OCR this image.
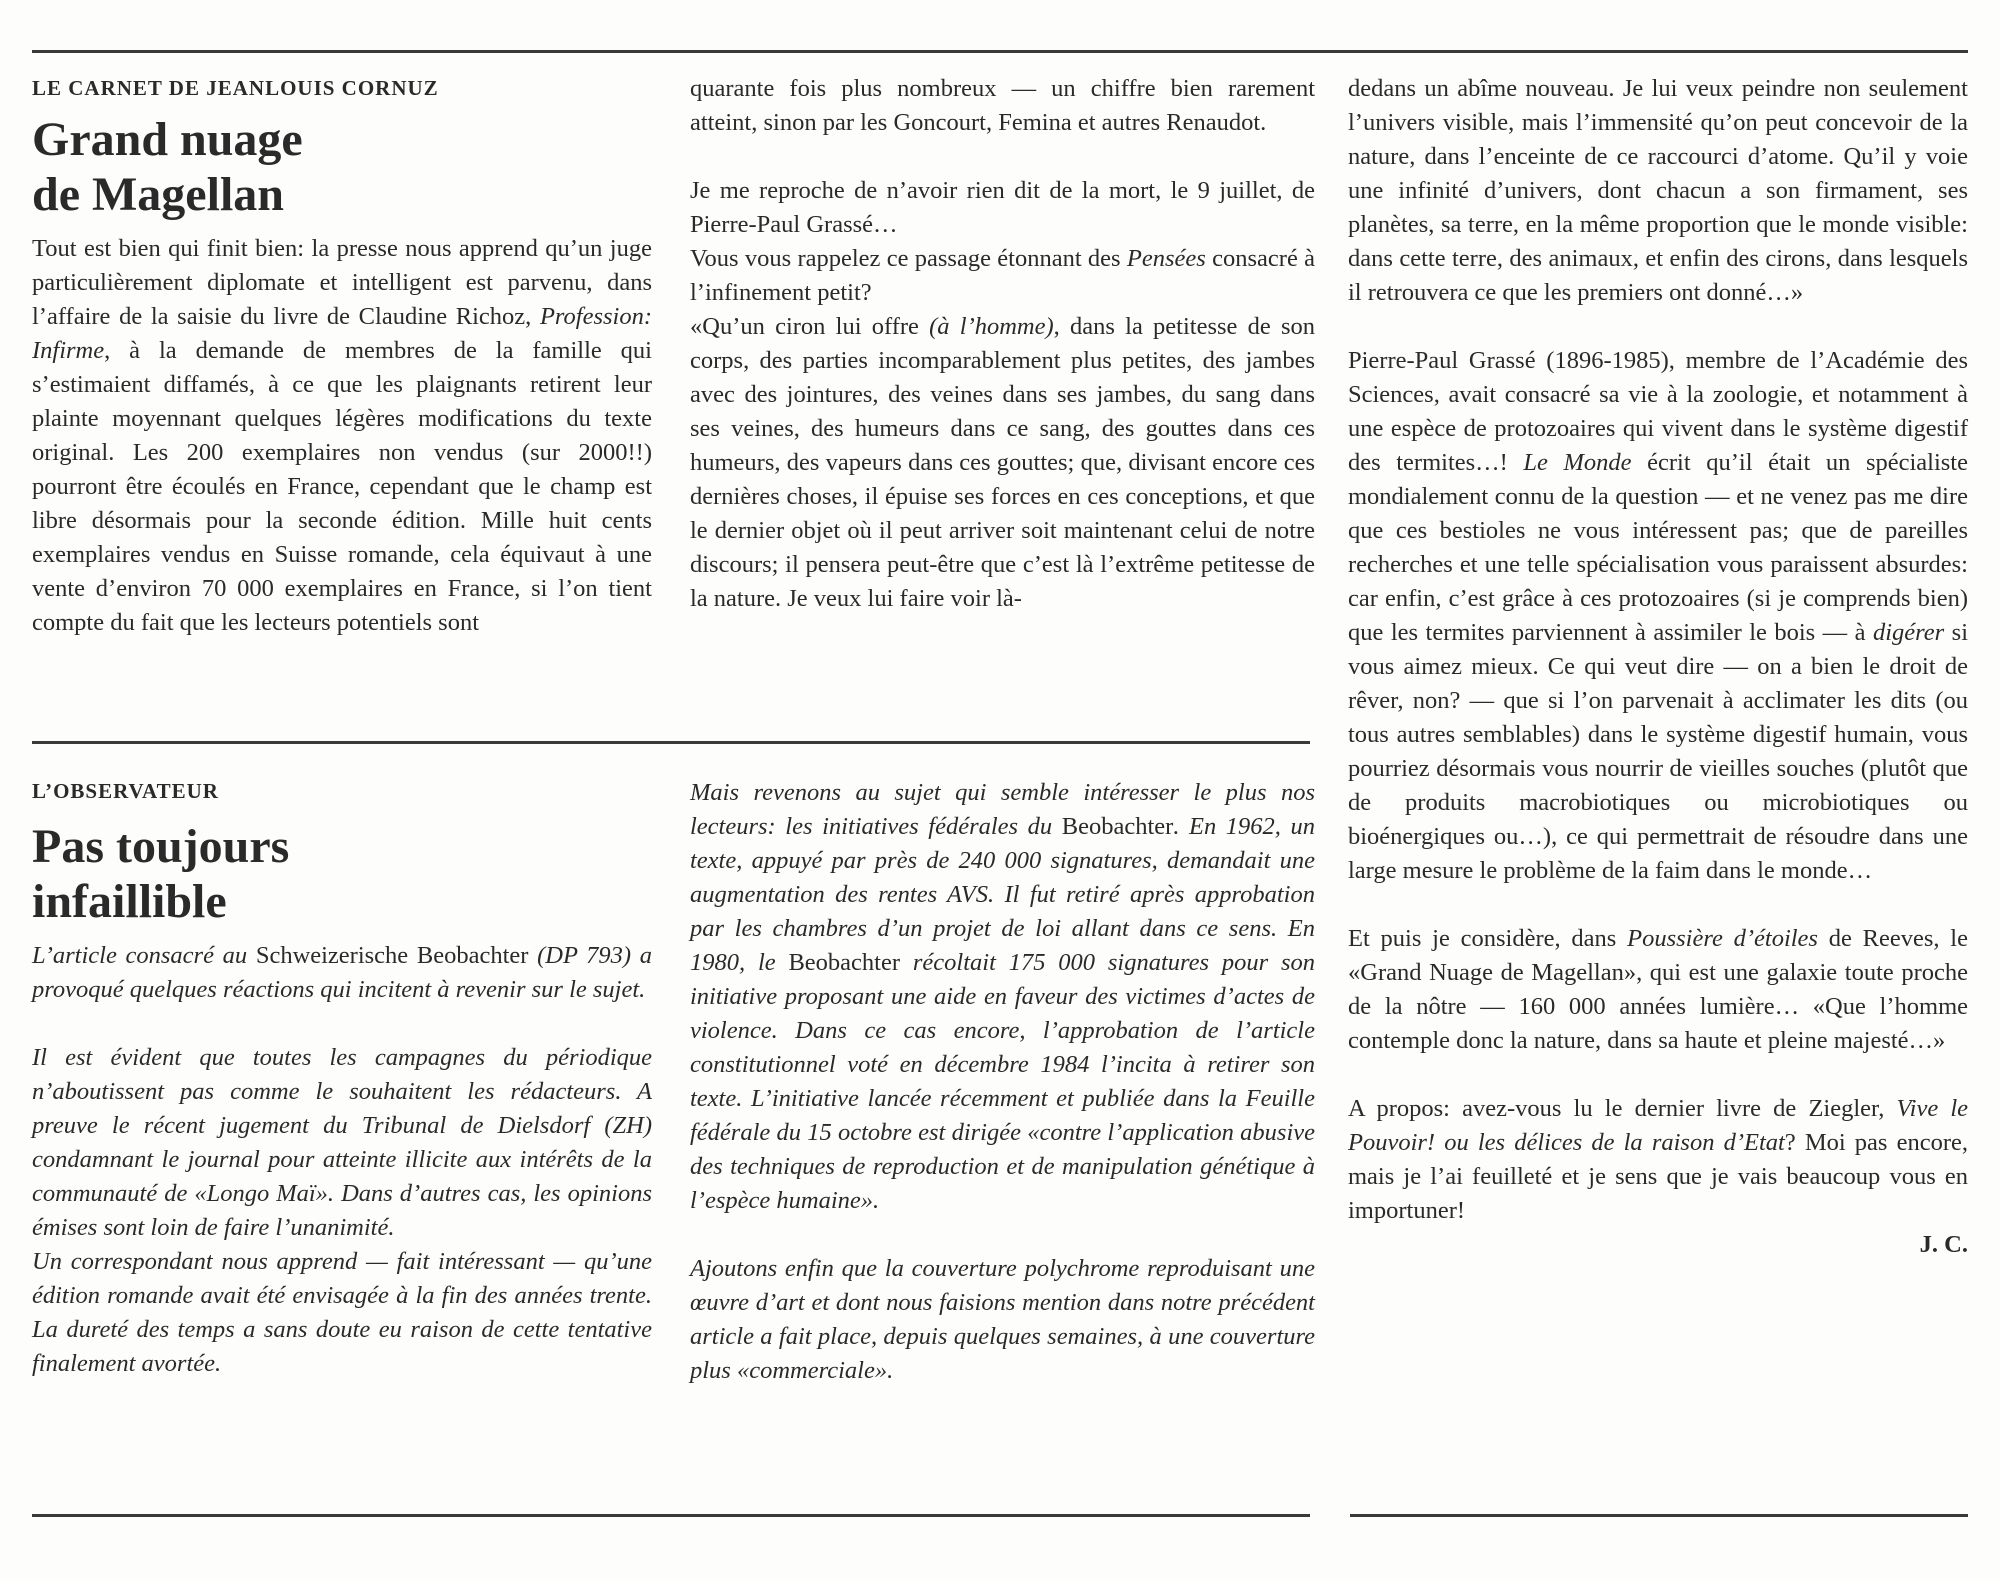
LE CARNET DE JEANLOUIS CORNUZ

Grand nuage
de Magellan

Tout est bien qui finit bien: la presse nous apprend qu’un juge particulièrement diplomate et intelligent est parvenu, dans l’affaire de la saisie du livre de Claudine Richoz, Profession: Infirme, à la demande de membres de la famille qui s’estimaient diffamés, à ce que les plaignants retirent leur plainte moyennant quelques légères modifications du texte original. Les 200 exemplaires non vendus (sur 2000!!) pourront être écoulés en France, cependant que le champ est libre désormais pour la seconde édition. Mille huit cents exemplaires vendus en Suisse romande, cela équivaut à une vente d’environ 70 000 exemplaires en France, si l’on tient compte du fait que les lecteurs potentiels sont

quarante fois plus nombreux — un chiffre bien rarement atteint, sinon par les Goncourt, Femina et autres Renaudot.

Je me reproche de n’avoir rien dit de la mort, le 9 juillet, de Pierre-Paul Grassé…

Vous vous rappelez ce passage étonnant des Pensées consacré à l’infinement petit?

«Qu’un ciron lui offre (à l’homme), dans la petitesse de son corps, des parties incomparablement plus petites, des jambes avec des jointures, des veines dans ses jambes, du sang dans ses veines, des humeurs dans ce sang, des gouttes dans ces humeurs, des vapeurs dans ces gouttes; que, divisant encore ces dernières choses, il épuise ses forces en ces conceptions, et que le dernier objet où il peut arriver soit maintenant celui de notre discours; il pensera peut-être que c’est là l’extrême petitesse de la nature. Je veux lui faire voir là-

dedans un abîme nouveau. Je lui veux peindre non seulement l’univers visible, mais l’immensité qu’on peut concevoir de la nature, dans l’enceinte de ce raccourci d’atome. Qu’il y voie une infinité d’univers, dont chacun a son firmament, ses planètes, sa terre, en la même proportion que le monde visible: dans cette terre, des animaux, et enfin des cirons, dans lesquels il retrouvera ce que les premiers ont donné…»

Pierre-Paul Grassé (1896-1985), membre de l’Académie des Sciences, avait consacré sa vie à la zoologie, et notamment à une espèce de protozoaires qui vivent dans le système digestif des termites…! Le Monde écrit qu’il était un spécialiste mondialement connu de la question — et ne venez pas me dire que ces bestioles ne vous intéressent pas; que de pareilles recherches et une telle spécialisation vous paraissent absurdes: car enfin, c’est grâce à ces protozoaires (si je comprends bien) que les termites parviennent à assimiler le bois — à digérer si vous aimez mieux. Ce qui veut dire — on a bien le droit de rêver, non? — que si l’on parvenait à acclimater les dits (ou tous autres semblables) dans le système digestif humain, vous pourriez désormais vous nourrir de vieilles souches (plutôt que de produits macrobiotiques ou microbiotiques ou bioénergiques ou…), ce qui permettrait de résoudre dans une large mesure le problème de la faim dans le monde…

Et puis je considère, dans Poussière d’étoiles de Reeves, le «Grand Nuage de Magellan», qui est une galaxie toute proche de la nôtre — 160 000 années lumière… «Que l’homme contemple donc la nature, dans sa haute et pleine majesté…»

A propos: avez-vous lu le dernier livre de Ziegler, Vive le Pouvoir! ou les délices de la raison d’Etat? Moi pas encore, mais je l’ai feuilleté et je sens que je vais beaucoup vous en importuner!

J. C.

L’OBSERVATEUR

Pas toujours
infaillible

L’article consacré au Schweizerische Beobachter (DP 793) a provoqué quelques réactions qui incitent à revenir sur le sujet.

Il est évident que toutes les campagnes du périodique n’aboutissent pas comme le souhaitent les rédacteurs. A preuve le récent jugement du Tribunal de Dielsdorf (ZH) condamnant le journal pour atteinte illicite aux intérêts de la communauté de «Longo Maï». Dans d’autres cas, les opinions émises sont loin de faire l’unanimité.

Un correspondant nous apprend — fait intéressant — qu’une édition romande avait été envisagée à la fin des années trente. La dureté des temps a sans doute eu raison de cette tentative finalement avortée.

Mais revenons au sujet qui semble intéresser le plus nos lecteurs: les initiatives fédérales du Beobachter. En 1962, un texte, appuyé par près de 240 000 signatures, demandait une augmentation des rentes AVS. Il fut retiré après approbation par les chambres d’un projet de loi allant dans ce sens. En 1980, le Beobachter récoltait 175 000 signatures pour son initiative proposant une aide en faveur des victimes d’actes de violence. Dans ce cas encore, l’approbation de l’article constitutionnel voté en décembre 1984 l’incita à retirer son texte. L’initiative lancée récemment et publiée dans la Feuille fédérale du 15 octobre est dirigée «contre l’application abusive des techniques de reproduction et de manipulation génétique à l’espèce humaine».

Ajoutons enfin que la couverture polychrome reproduisant une œuvre d’art et dont nous faisions mention dans notre précédent article a fait place, depuis quelques semaines, à une couverture plus «commerciale».
